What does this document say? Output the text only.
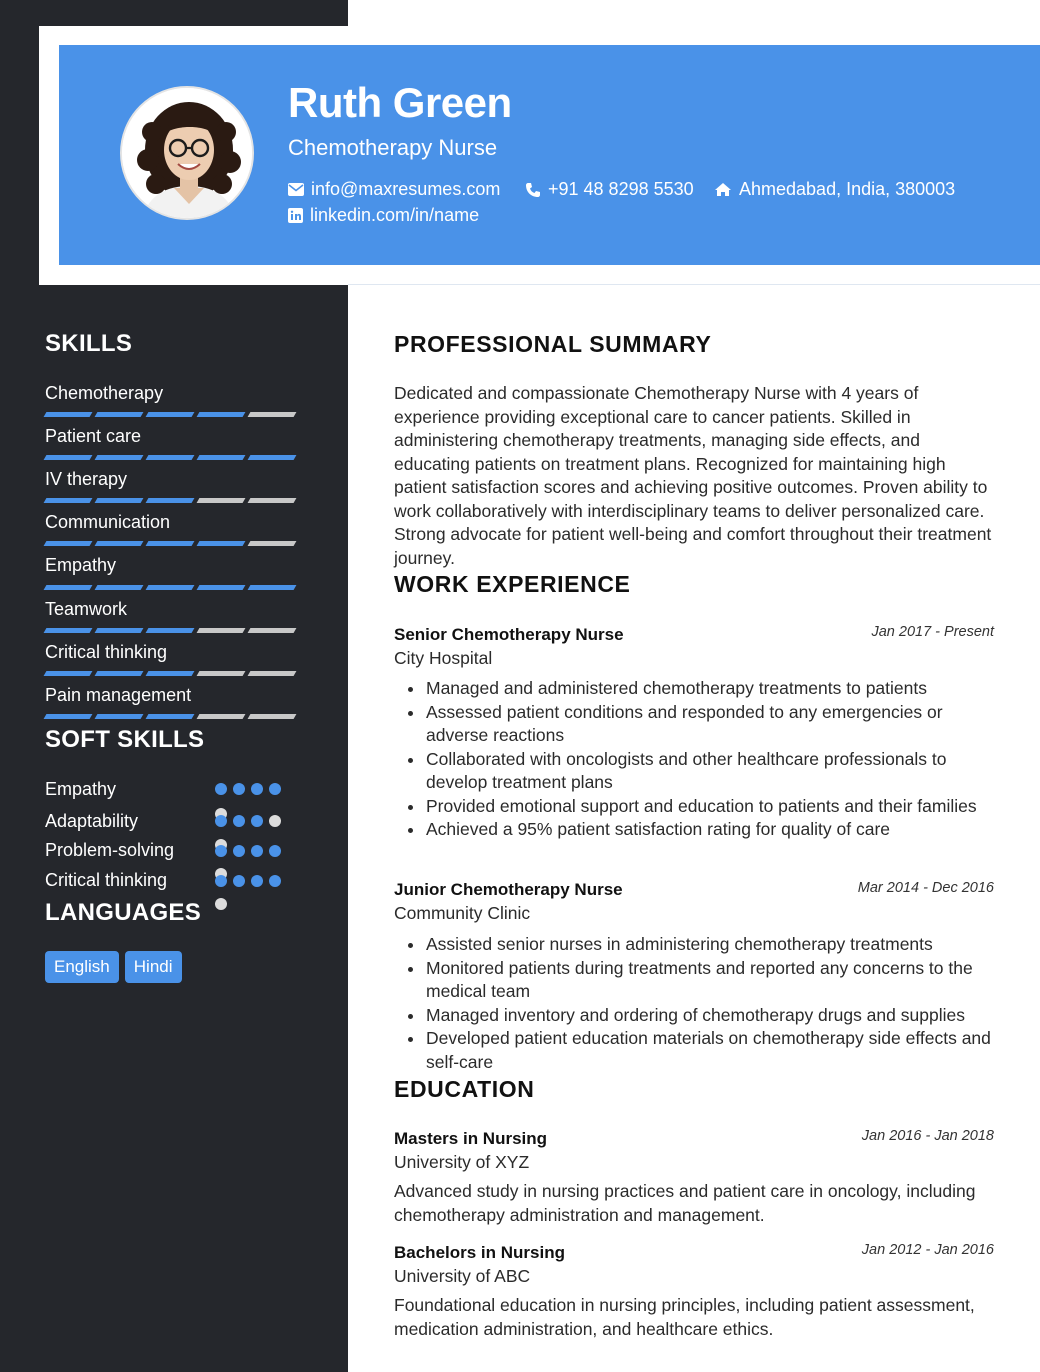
Ruth Green
Chemotherapy Nurse
info@maxresumes.com	+91 48 8298 5530	Ahmedabad, India, 380003
linkedin.com/in/name
SKILLS
Chemotherapy
Patient care
IV therapy
Communication
Empathy
Teamwork
Critical thinking
Pain management
SOFT SKILLS
Empathy
Adaptability
Problem-solving
Critical thinking
LANGUAGES
English	Hindi
PROFESSIONAL SUMMARY
Dedicated and compassionate Chemotherapy Nurse with 4 years of experience providing exceptional care to cancer patients. Skilled in administering chemotherapy treatments, managing side effects, and educating patients on treatment plans. Recognized for maintaining high patient satisfaction scores and achieving positive outcomes. Proven ability to work collaboratively with interdisciplinary teams to deliver personalized care. Strong advocate for patient well-being and comfort throughout their treatment journey.
WORK EXPERIENCE
Senior Chemotherapy Nurse	Jan 2017 - Present
City Hospital
Managed and administered chemotherapy treatments to patients
Assessed patient conditions and responded to any emergencies or adverse reactions
Collaborated with oncologists and other healthcare professionals to develop treatment plans
Provided emotional support and education to patients and their families
Achieved a 95% patient satisfaction rating for quality of care
Junior Chemotherapy Nurse	Mar 2014 - Dec 2016
Community Clinic
Assisted senior nurses in administering chemotherapy treatments
Monitored patients during treatments and reported any concerns to the medical team
Managed inventory and ordering of chemotherapy drugs and supplies
Developed patient education materials on chemotherapy side effects and self-care
EDUCATION
Masters in Nursing	Jan 2016 - Jan 2018
University of XYZ
Advanced study in nursing practices and patient care in oncology, including chemotherapy administration and management.
Bachelors in Nursing	Jan 2012 - Jan 2016
University of ABC
Foundational education in nursing principles, including patient assessment, medication administration, and healthcare ethics.
